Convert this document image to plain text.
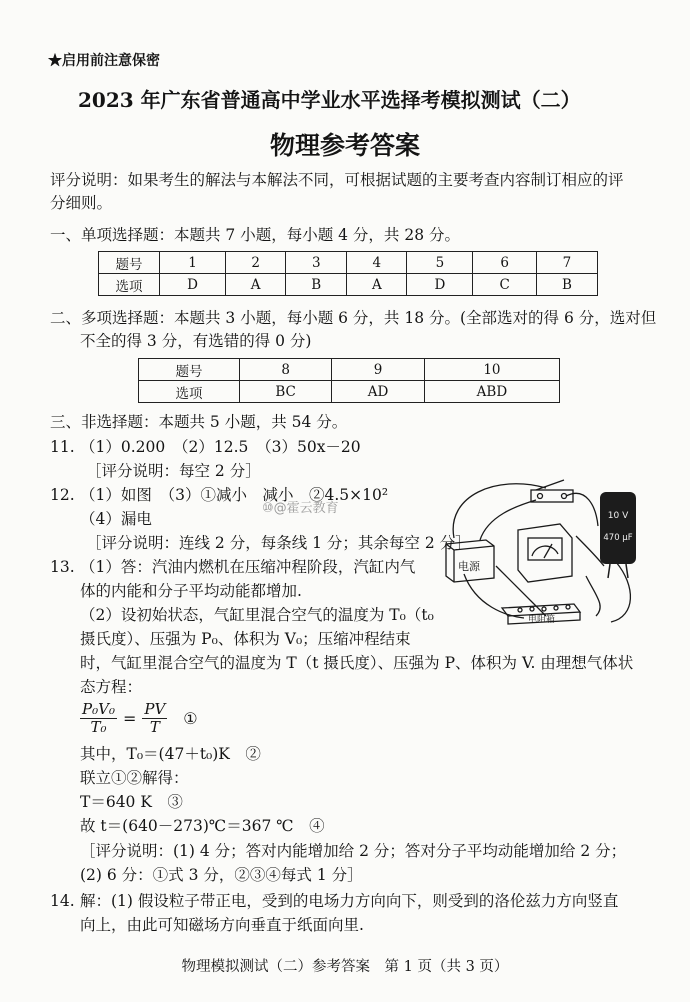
★启用前注意保密
2023 年广东省普通高中学业水平选择考模拟测试（二）
物理参考答案
评分说明：如果考生的解法与本解法不同，可根据试题的主要考查内容制订相应的评
分细则。
一、单项选择题：本题共 7 小题，每小题 4 分，共 28 分。
题号	1	2	3	4	5	6	7
选项	D	A	B	A	D	C	B
二、多项选择题：本题共 3 小题，每小题 6 分，共 18 分。(全部选对的得 6 分，选对但
不全的得 3 分，有选错的得 0 分)
题号	8	9	10
选项	BC	AD	ABD
三、非选择题：本题共 5 小题，共 54 分。
11. （1）0.200　（2）12.5　（3）50x－20
［评分说明：每空 2 分］
12. （1）如图　（3）①减小　减小　②4.5×10²
（4）漏电
［评分说明：连线 2 分，每条线 1 分；其余每空 2 分］
⑩@霍云教育	10 V
470 μF
电源
电阻箱
13. （1）答：汽油内燃机在压缩冲程阶段，汽缸内气
体的内能和分子平均动能都增加.
（2）设初始状态，气缸里混合空气的温度为 T₀（t₀
摄氏度）、压强为 P₀、体积为 V₀；压缩冲程结束
时，气缸里混合空气的温度为 T（t 摄氏度）、压强为 P、体积为 V. 由理想气体状
态方程：
$\frac{\text{P₀V₀}}{\text{T₀}} = \frac{PV}{T}$ ①
其中，T₀＝(47＋t₀)K　②
联立①②解得：
T＝640 K　③
故 t＝(640－273)℃＝367 ℃　④
［评分说明：(1) 4 分；答对内能增加给 2 分；答对分子平均动能增加给 2 分；
(2) 6 分：①式 3 分，②③④每式 1 分］
14. 解：(1) 假设粒子带正电，受到的电场力方向向下，则受到的洛伦兹力方向竖直
向上，由此可知磁场方向垂直于纸面向里.
物理模拟测试（二）参考答案　第 1 页（共 3 页）
